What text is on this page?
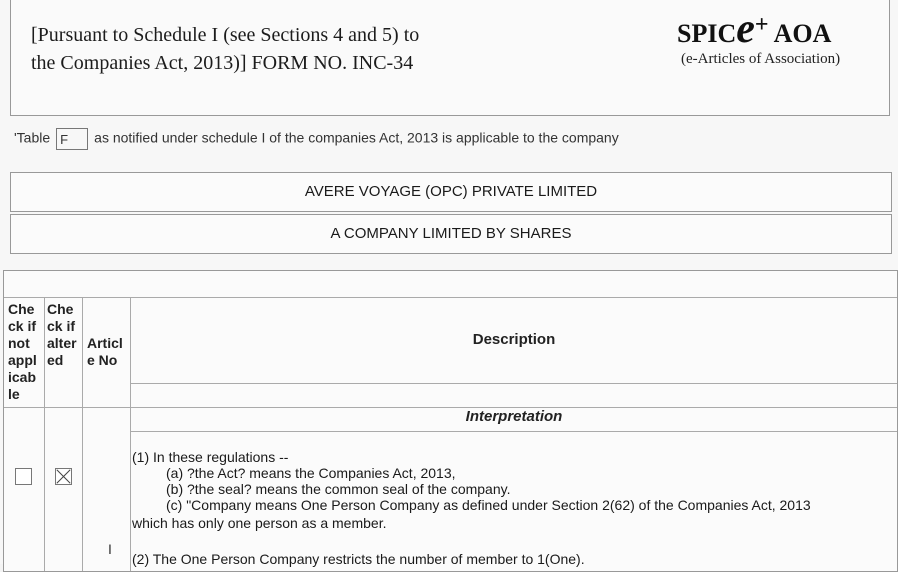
[Pursuant to Schedule I (see Sections 4 and 5) to
the Companies Act, 2013)] FORM NO. INC-34
SPICe+ AOA
(e-Articles of Association)
'Table F as notified under schedule I of the companies Act, 2013 is applicable to the company
AVERE VOYAGE (OPC) PRIVATE LIMITED
A COMPANY LIMITED BY SHARES
Che
ck if
not
appl
icab
le
Che
ck if
alter
ed
Articl
e No
Description
Interpretation
I
(1) In these regulations --
(a) ?the Act? means the Companies Act, 2013,
(b) ?the seal? means the common seal of the company.
(c) "Company means One Person Company as defined under Section 2(62) of the Companies Act, 2013
which has only one person as a member.
(2) The One Person Company restricts the number of member to 1(One).
